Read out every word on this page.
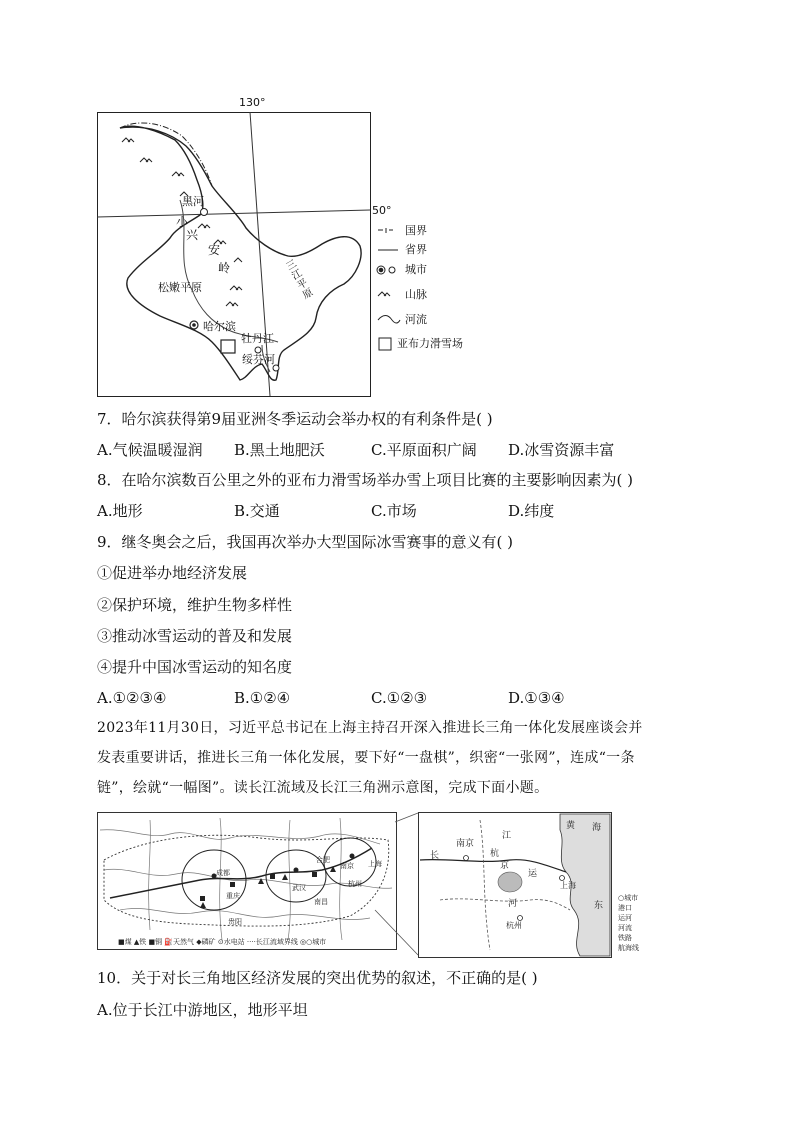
130°
50°
黑河
小
兴
安
岭
松嫩平原
三江平原
哈尔滨
牡丹江
绥芬河
国界
省界
城市
山脉
河流
亚布力滑雪场
7．哈尔滨获得第9届亚洲冬季运动会举办权的有利条件是( )
A.气候温暖湿润 B.黑土地肥沃	C.平原面积广阔 D.冰雪资源丰富
8．在哈尔滨数百公里之外的亚布力滑雪场举办雪上项目比赛的主要影响因素为( )
A.地形	B.交通	C.市场	D.纬度
9．继冬奥会之后，我国再次举办大型国际冰雪赛事的意义有( )
①促进举办地经济发展
②保护环境，维护生物多样性
③推动冰雪运动的普及和发展
④提升中国冰雪运动的知名度
A.①②③④	B.①②④	C.①②③	D.①③④
2023年11月30日，习近平总书记在上海主持召开深入推进长三角一体化发展座谈会并
发表重要讲话，推进长三角一体化发展，要下好“一盘棋”，织密“一张网”，连成“一条
链”，绘就“一幅图”。读长江流域及长江三角洲示意图，完成下面小题。
成都
重庆
贵阳
武汉
南昌
合肥
南京 上海
杭州
■煤 ▲铁 ■铜 ⛽天然气 ◆磷矿 ⊙水电站 ····长江流域界线 ◎○城市
长
江
南京
杭
京
运
河
黄 海
东
上海
杭州
○城市
港口
运河
河流
铁路
航海线
10．关于对长三角地区经济发展的突出优势的叙述，不正确的是( )
A.位于长江中游地区，地形平坦
